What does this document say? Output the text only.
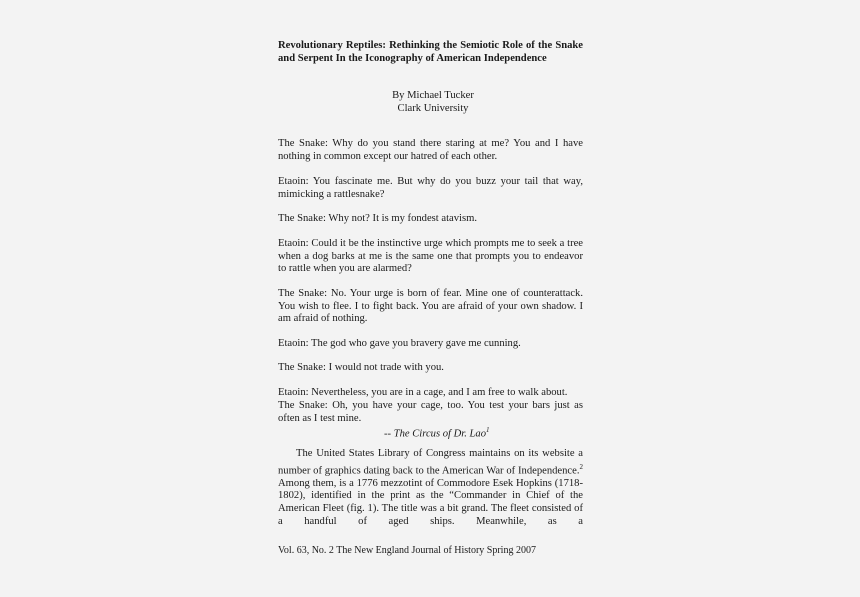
Revolutionary Reptiles: Rethinking the Semiotic Role of the Snake and Serpent In the Iconography of American Independence
By Michael Tucker
Clark University

The Snake: Why do you stand there staring at me? You and I have nothing in common except our hatred of each other.

Etaoin: You fascinate me. But why do you buzz your tail that way, mimicking a rattlesnake?

The Snake: Why not? It is my fondest atavism.

Etaoin: Could it be the instinctive urge which prompts me to seek a tree when a dog barks at me is the same one that prompts you to endeavor to rattle when you are alarmed?

The Snake: No. Your urge is born of fear. Mine one of counterattack. You wish to flee. I to fight back. You are afraid of your own shadow. I am afraid of nothing.

Etaoin: The god who gave you bravery gave me cunning.

The Snake: I would not trade with you.

Etaoin: Nevertheless, you are in a cage, and I am free to walk about.

The Snake: Oh, you have your cage, too. You test your bars just as often as I test mine.

-- The Circus of Dr. Lao$^1$

The United States Library of Congress maintains on its website a number of graphics dating back to the American War of Independence.$^2$ Among them, is a 1776 mezzotint of Commodore Esek Hopkins (1718-1802), identified in the print as the “Commander in Chief of the American Fleet (fig. 1). The title was a bit grand. The fleet consisted of a handful of aged ships. Meanwhile, as a

Vol. 63, No. 2 The New England Journal of History Spring 2007
